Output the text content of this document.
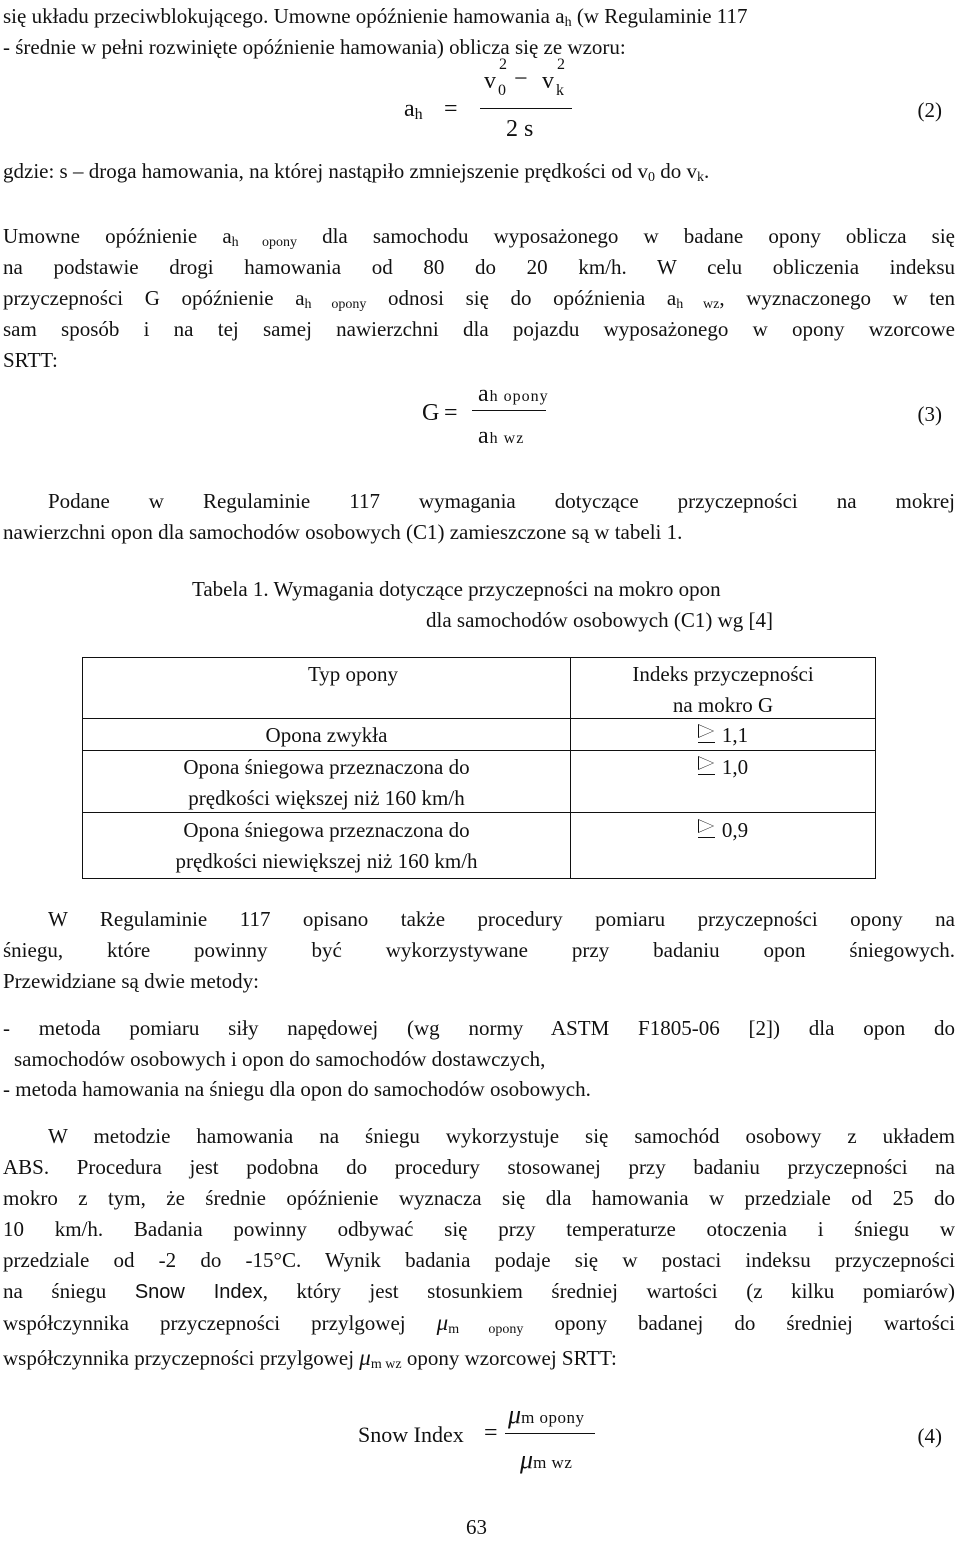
się układu przeciwblokującego. Umowne opóźnienie hamowania $a_h$ (w Regulaminie 117
- średnie w pełni rozwinięte opóźnienie hamowania) oblicza się ze wzoru:
$a_h$ =
v
2
0 − v
2
k
2 s
(2)
gdzie: s – droga hamowania, na której nastąpiło zmniejszenie prędkości od $v_0$ do $v_k$.
Umowne opóźnienie $a_{h opony}$ dla samochodu wyposażonego w badane opony oblicza się
na podstawie drogi hamowania od 80 do 20 km/h. W celu obliczenia indeksu
przyczepności G opóźnienie $a_{h opony}$ odnosi się do opóźnienia $a_{h wz}$, wyznaczonego w ten
sam sposób i na tej samej nawierzchni dla pojazdu wyposażonego w opony wzorcowe
SRTT:
G =
ah opony
ah wz
(3)
Podane w Regulaminie 117 wymagania dotyczące przyczepności na mokrej
nawierzchni opon dla samochodów osobowych (C1) zamieszczone są w tabeli 1.
Tabela 1. Wymagania dotyczące przyczepności na mokro opon
dla samochodów osobowych (C1) wg [4]
Typ opony	Indeks przyczepności
na mokro G
Opona zwykła	1,1
Opona śniegowa przeznaczona do
prędkości większej niż 160 km/h
1,0
Opona śniegowa przeznaczona do
prędkości niewiększej niż 160 km/h
0,9
W Regulaminie 117 opisano także procedury pomiaru przyczepności opony na
śniegu, które powinny być wykorzystywane przy badaniu opon śniegowych.
Przewidziane są dwie metody:
- metoda pomiaru siły napędowej (wg normy ASTM F1805-06 [2]) dla opon do
samochodów osobowych i opon do samochodów dostawczych,
- metoda hamowania na śniegu dla opon do samochodów osobowych.
W metodzie hamowania na śniegu wykorzystuje się samochód osobowy z układem
ABS. Procedura jest podobna do procedury stosowanej przy badaniu przyczepności na
mokro z tym, że średnie opóźnienie wyznacza się dla hamowania w przedziale od 25 do
10 km/h. Badania powinny odbywać się przy temperaturze otoczenia i śniegu w
przedziale od -2 do -15°C. Wynik badania podaje się w postaci indeksu przyczepności
na śniegu Snow Index, który jest stosunkiem średniej wartości (z kilku pomiarów)
współczynnika przyczepności przylgowej $\mu_{m opony}$ opony badanej do średniej wartości
współczynnika przyczepności przylgowej $\mu_{m wz}$ opony wzorcowej SRTT:
Snow Index =
μm opony
μm wz
(4)
63
